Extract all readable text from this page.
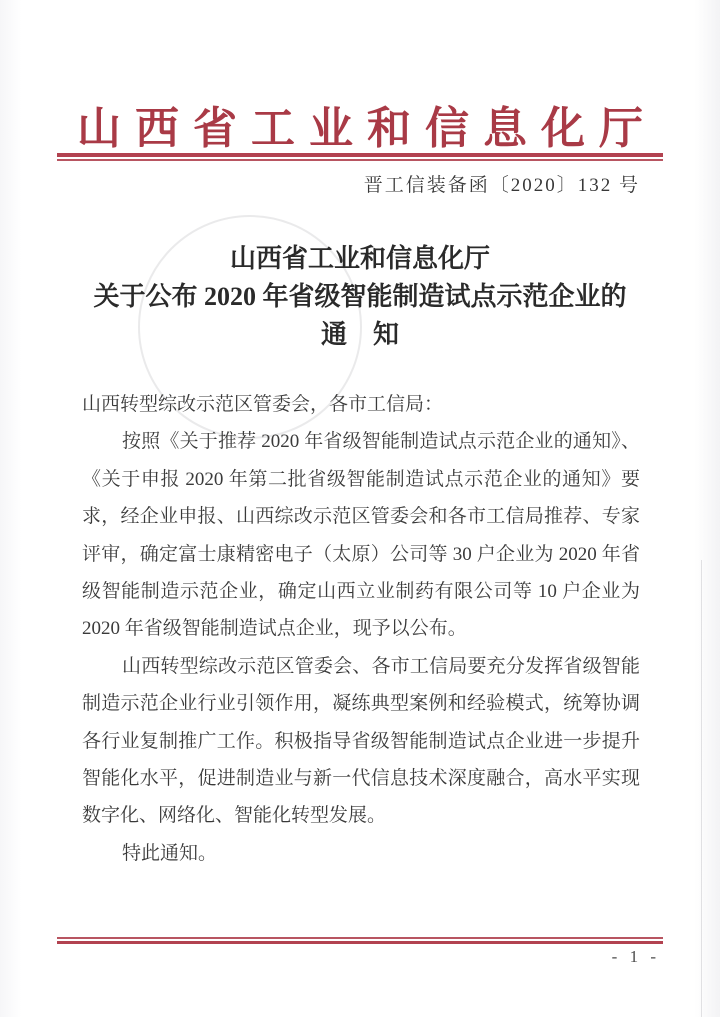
山西省工业和信息化厅
晋工信装备函〔2020〕132 号
山西省工业和信息化厅
关于公布 2020 年省级智能制造试点示范企业的
通　知
山西转型综改示范区管委会，各市工信局：
按照《关于推荐 2020 年省级智能制造试点示范企业的通知》、
《关于申报 2020 年第二批省级智能制造试点示范企业的通知》要
求，经企业申报、山西综改示范区管委会和各市工信局推荐、专家
评审，确定富士康精密电子（太原）公司等 30 户企业为 2020 年省
级智能制造示范企业，确定山西立业制药有限公司等 10 户企业为
2020 年省级智能制造试点企业，现予以公布。
山西转型综改示范区管委会、各市工信局要充分发挥省级智能
制造示范企业行业引领作用，凝练典型案例和经验模式，统筹协调
各行业复制推广工作。积极指导省级智能制造试点企业进一步提升
智能化水平，促进制造业与新一代信息技术深度融合，高水平实现
数字化、网络化、智能化转型发展。
特此通知。
- 1 -
